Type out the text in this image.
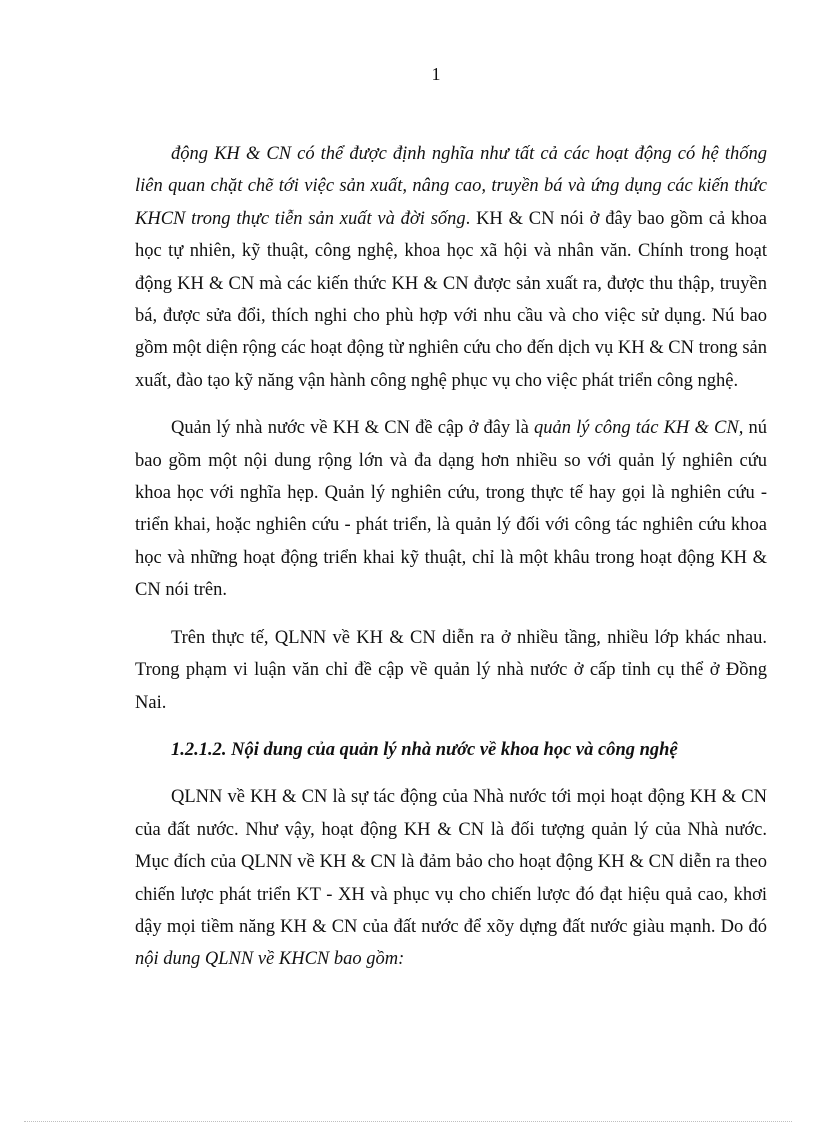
1

động KH & CN có thể được định nghĩa như tất cả các hoạt động có hệ thống liên quan chặt chẽ tới việc sản xuất, nâng cao, truyền bá và ứng dụng các kiến thức KHCN trong thực tiễn sản xuất và đời sống. KH & CN nói ở đây bao gồm cả khoa học tự nhiên, kỹ thuật, công nghệ, khoa học xã hội và nhân văn. Chính trong hoạt động KH & CN mà các kiến thức KH & CN được sản xuất ra, được thu thập, truyền bá, được sửa đổi, thích nghi cho phù hợp với nhu cầu và cho việc sử dụng. Nú bao gồm một diện rộng các hoạt động từ nghiên cứu cho đến dịch vụ KH & CN trong sản xuất, đào tạo kỹ năng vận hành công nghệ phục vụ cho việc phát triển công nghệ.

Quản lý nhà nước về KH & CN đề cập ở đây là quản lý công tác KH & CN, nú bao gồm một nội dung rộng lớn và đa dạng hơn nhiều so với quản lý nghiên cứu khoa học với nghĩa hẹp. Quản lý nghiên cứu, trong thực tế hay gọi là nghiên cứu - triển khai, hoặc nghiên cứu - phát triển, là quản lý đối với công tác nghiên cứu khoa học và những hoạt động triển khai kỹ thuật, chỉ là một khâu trong hoạt động KH & CN nói trên.

Trên thực tế, QLNN về KH & CN diễn ra ở nhiều tầng, nhiều lớp khác nhau. Trong phạm vi luận văn chỉ đề cập về quản lý nhà nước ở cấp tỉnh cụ thể ở Đồng Nai.

1.2.1.2. Nội dung của quản lý nhà nước về khoa học và công nghệ

QLNN về KH & CN là sự tác động của Nhà nước tới mọi hoạt động KH & CN của đất nước. Như vậy, hoạt động KH & CN là đối tượng quản lý của Nhà nước. Mục đích của QLNN về KH & CN là đảm bảo cho hoạt động KH & CN diễn ra theo chiến lược phát triển KT - XH và phục vụ cho chiến lược đó đạt hiệu quả cao, khơi dậy mọi tiềm năng KH & CN của đất nước để xõy dựng đất nước giàu mạnh. Do đó nội dung QLNN về KHCN bao gồm:
